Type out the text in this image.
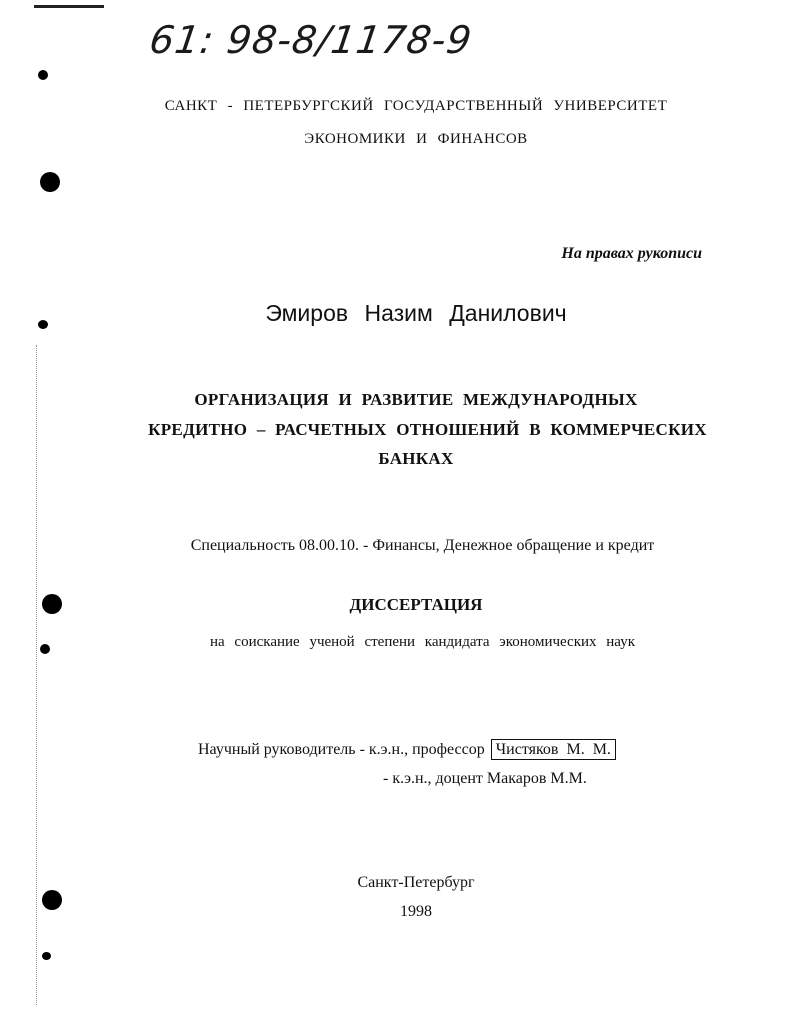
61: 98-8/1178-9
САНКТ - ПЕТЕРБУРГСКИЙ ГОСУДАРСТВЕННЫЙ УНИВЕРСИТЕТ
ЭКОНОМИКИ И ФИНАНСОВ
На правах рукописи
Эмиров Назим Данилович
ОРГАНИЗАЦИЯ И РАЗВИТИЕ МЕЖДУНАРОДНЫХ
КРЕДИТНО – РАСЧЕТНЫХ ОТНОШЕНИЙ В КОММЕРЧЕСКИХ
БАНКАХ
Специальность 08.00.10. - Финансы, Денежное обращение и кредит
ДИССЕРТАЦИЯ
на соискание ученой степени кандидата экономических наук
Научный руководитель - к.э.н., профессор Чистяков М. М.
- к.э.н., доцент Макаров М.М.
Санкт-Петербург
1998
